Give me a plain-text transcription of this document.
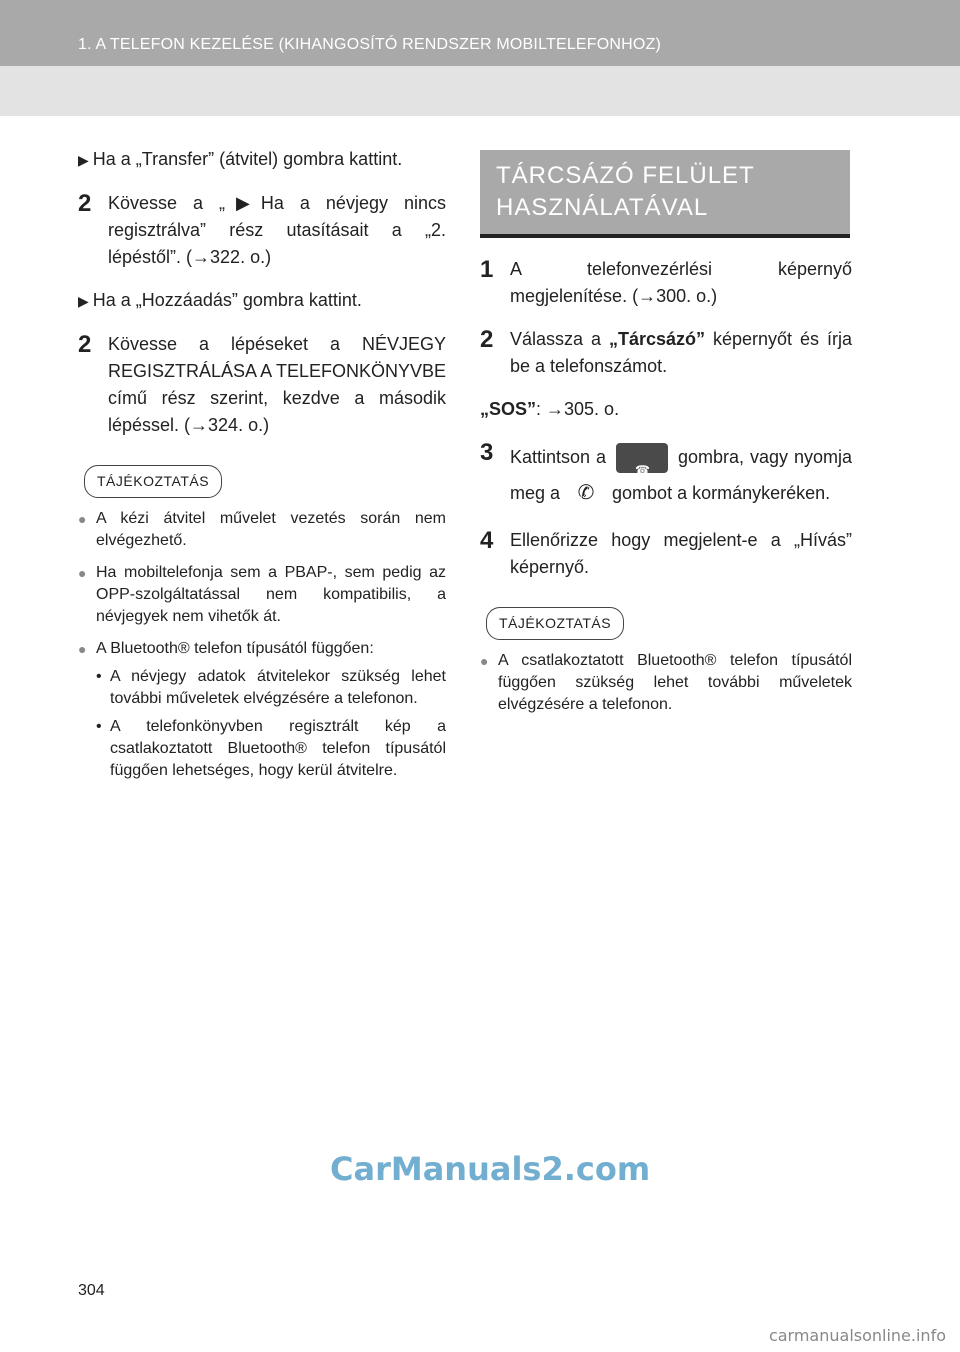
1. A TELEFON KEZELÉSE (KIHANGOSÍTÓ RENDSZER MOBILTELEFONHOZ)

▶ Ha a „Transfer” (átvitel) gombra kattint.

2 Kövesse a „▶Ha a névjegy nincs regisztrálva” rész utasításait a „2. lépéstől”. (→322. o.)

▶ Ha a „Hozzáadás” gombra kattint.

2 Kövesse a lépéseket a NÉVJEGY REGISZTRÁLÁSA A TELEFONKÖNYVBE című rész szerint, kezdve a második lépéssel. (→324. o.)
TÁJÉKOZTATÁS
● A kézi átvitel művelet vezetés során nem elvégezhető.
● Ha mobiltelefonja sem a PBAP-, sem pedig az OPP-szolgáltatással nem kompatibilis, a névjegyek nem vihetők át.
● A Bluetooth® telefon típusától függően:
• A névjegy adatok átvitelekor szükség lehet további műveletek elvégzésére a telefonon.
• A telefonkönyvben regisztrált kép a csatlakoztatott Bluetooth® telefon típusától függően lehetséges, hogy kerül átvitelre.
TÁRCSÁZÓ FELÜLET HASZNÁLATÁVAL
1 A telefonvezérlési képernyő megjelenítése. (→300. o.)
2 Válassza a „Tárcsázó” képernyőt és írja be a telefonszámot.

„SOS”: →305. o.

3 Kattintson a
☎
gombra, vagy nyomja meg a ✆ gombot a kormánykeréken.
4 Ellenőrizze hogy megjelent-e a „Hívás” képernyő.
TÁJÉKOZTATÁS
● A csatlakoztatott Bluetooth® telefon típusától függően szükség lehet további műveletek elvégzésére a telefonon.
CarManuals2.com
304
carmanualsonline.info
